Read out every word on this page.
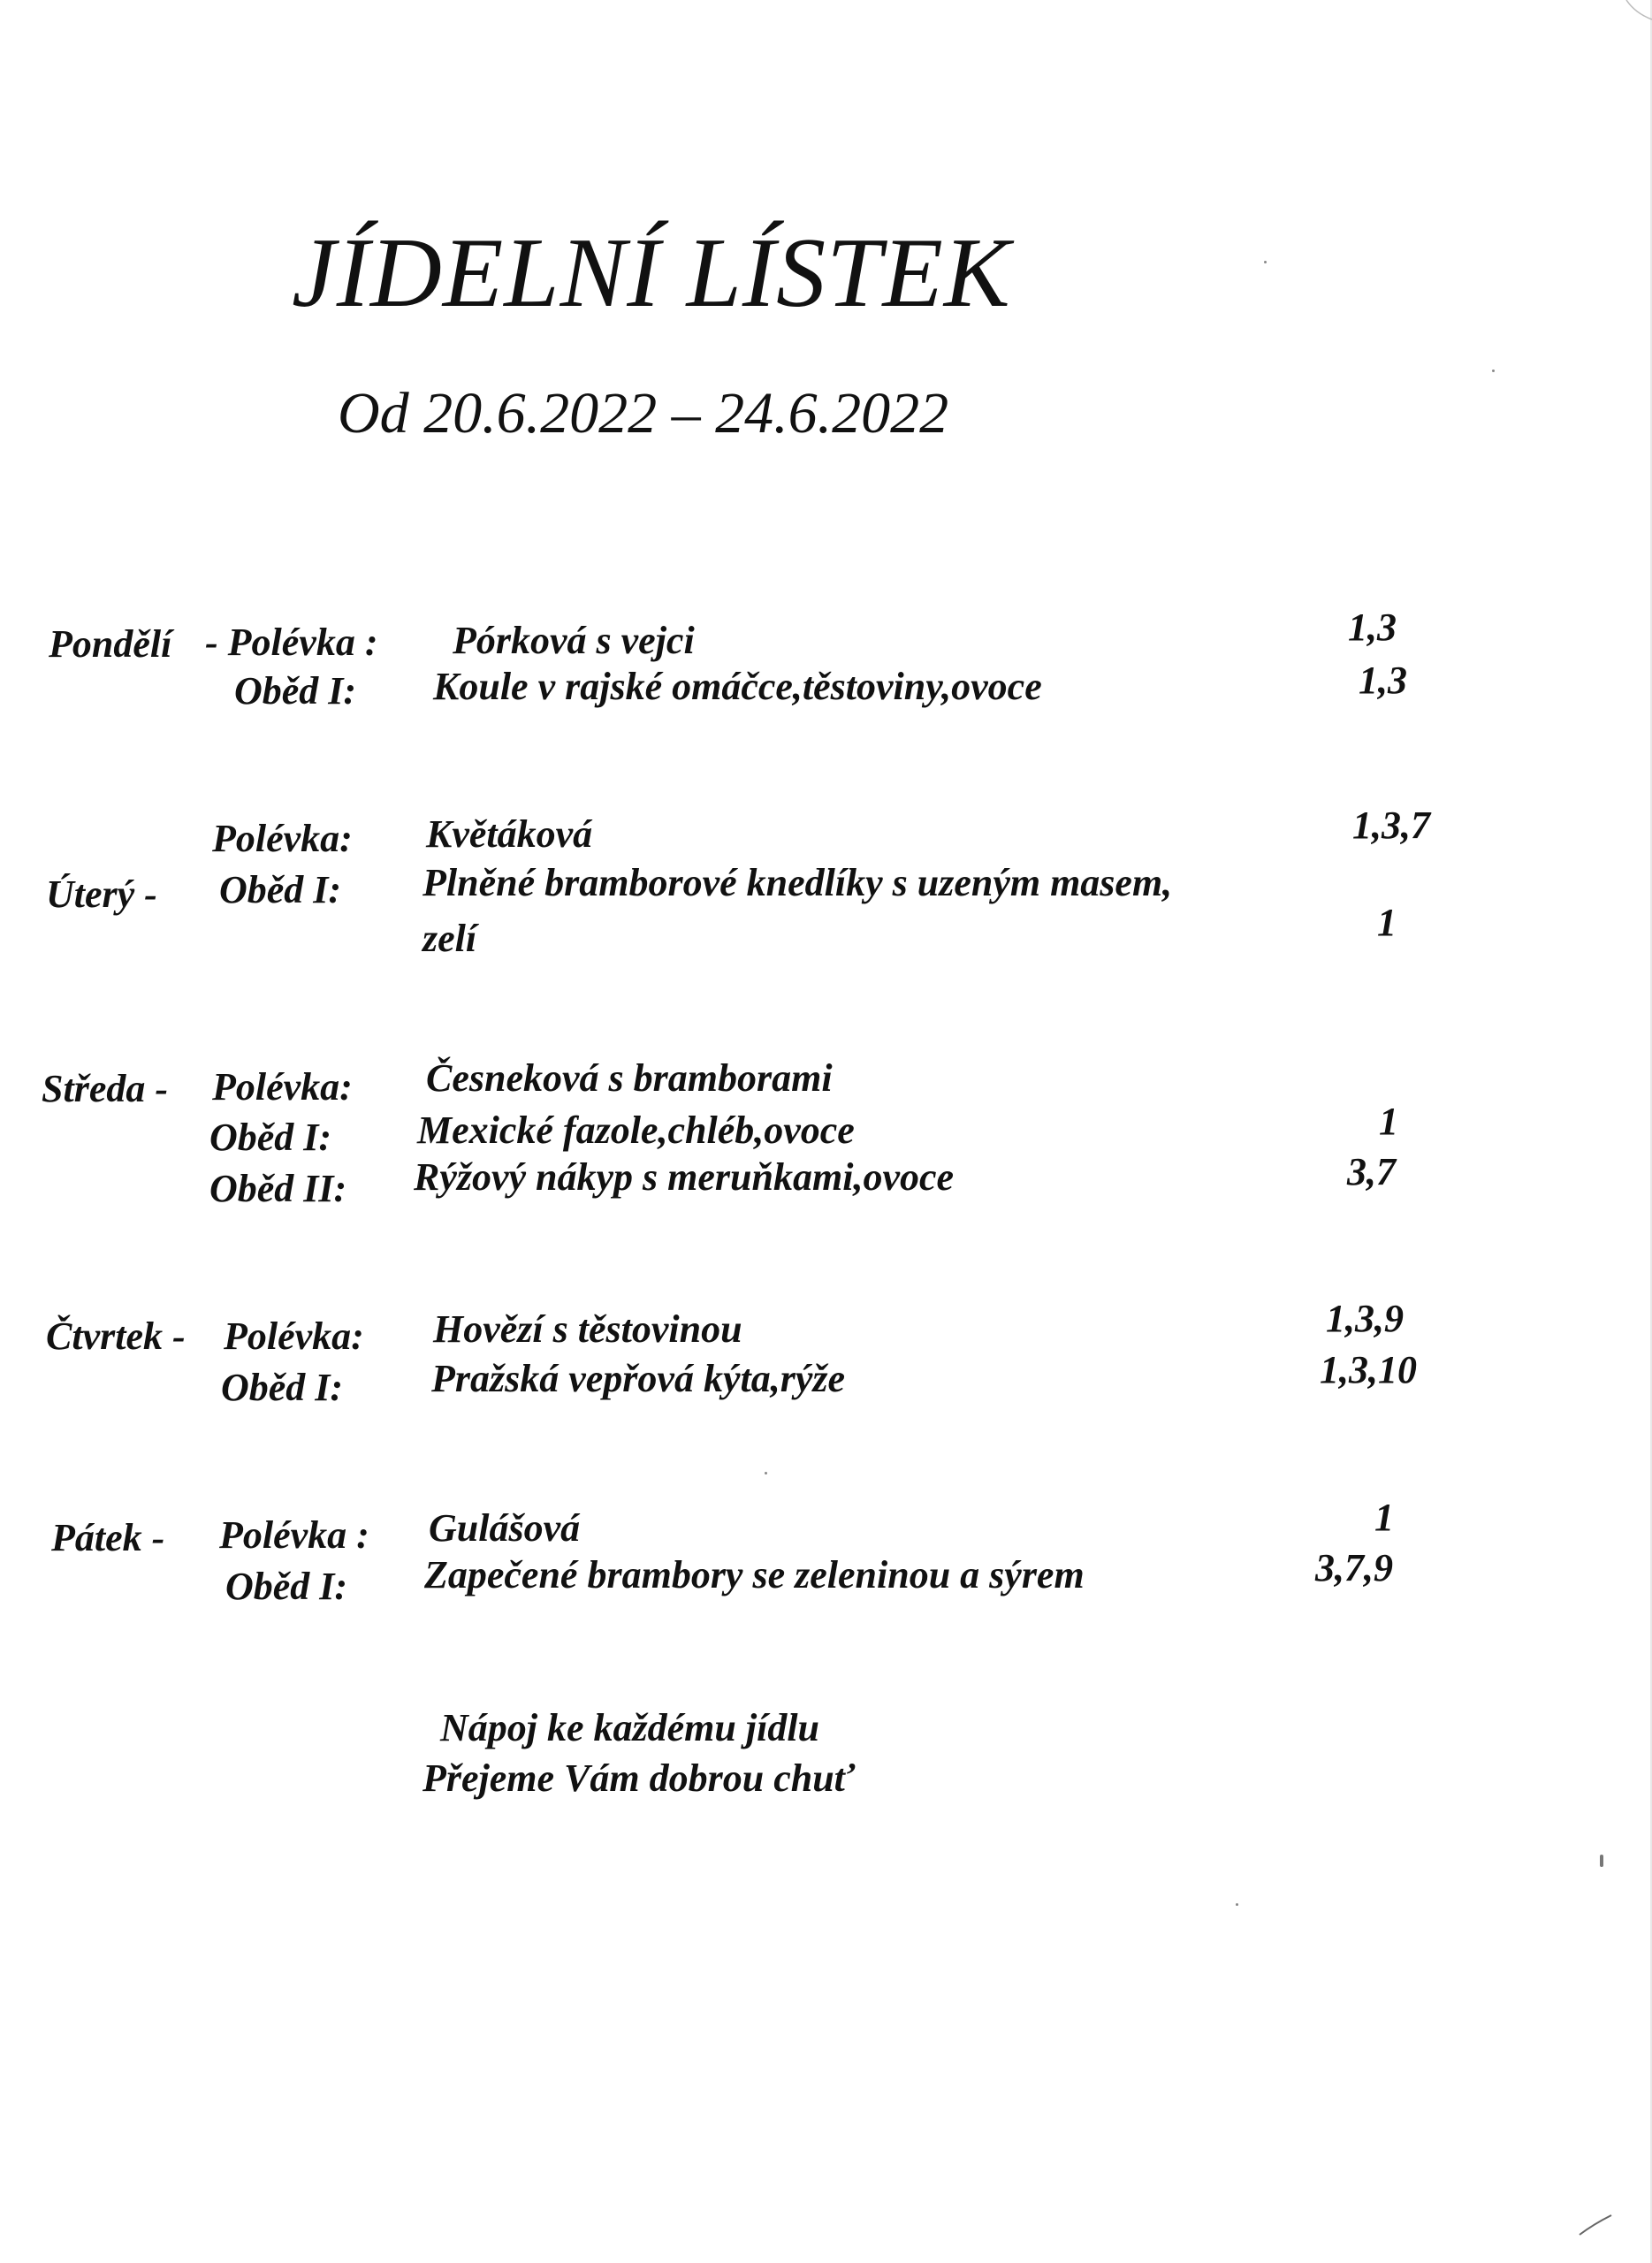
JÍDELNÍ LÍSTEK
Od 20.6.2022 – 24.6.2022
Pondělí - Polévka : Pórková s vejci	1,3
Oběd I: Koule v rajské omáčce,těstoviny,ovoce	1,3
Polévka: Květáková	1,3,7
Úterý - Oběd I: Plněné bramborové knedlíky s uzeným masem,
zelí	1
Středa - Polévka: Česneková s bramborami
Oběd I: Mexické fazole,chléb,ovoce	1
Oběd II: Rýžový nákyp s meruňkami,ovoce	3,7
Čtvrtek - Polévka: Hovězí s těstovinou	1,3,9
Oběd I: Pražská vepřová kýta,rýže	1,3,10
Pátek - Polévka : Gulášová	1
Oběd I: Zapečené brambory se zeleninou a sýrem	3,7,9
Nápoj ke každému jídlu
Přejeme Vám dobrou chuť
